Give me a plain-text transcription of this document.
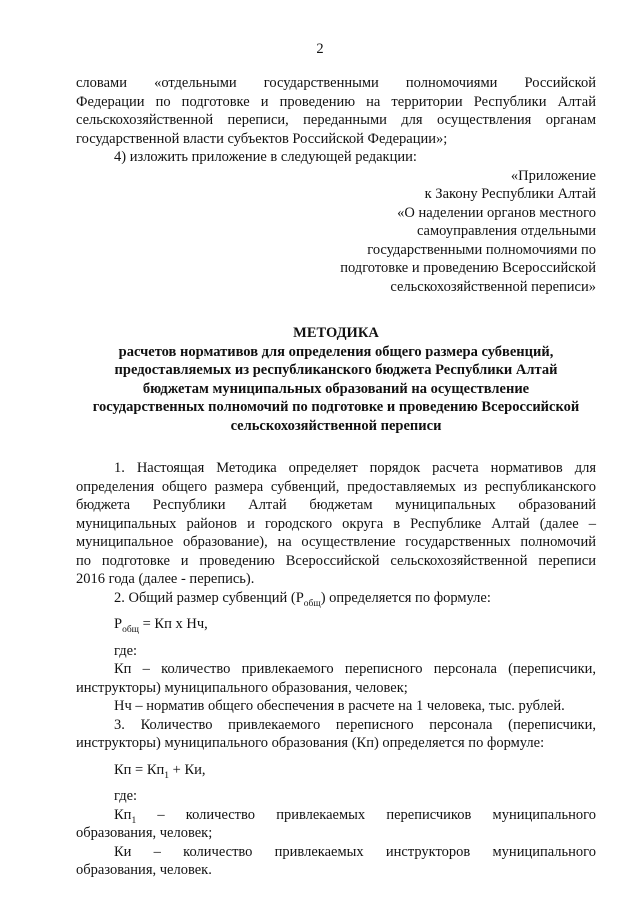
2

словами «отдельными государственными полномочиями Российской

Федерации по подготовке и проведению на территории Республики Алтай

сельскохозяйственной переписи, переданными для осуществления органам

государственной власти субъектов Российской Федерации»;

4) изложить приложение в следующей редакции:

«Приложение

к Закону Республики Алтай

«О наделении органов местного

самоуправления отдельными

государственными полномочиями по

подготовке и проведению Всероссийской

сельскохозяйственной переписи»

МЕТОДИКА

расчетов нормативов для определения общего размера субвенций,

предоставляемых из республиканского бюджета Республики Алтай

бюджетам муниципальных образований на осуществление

государственных полномочий по подготовке и проведению Всероссийской

сельскохозяйственной переписи

1. Настоящая Методика определяет порядок расчета нормативов для

определения общего размера субвенций, предоставляемых из республиканского

бюджета Республики Алтай бюджетам муниципальных образований

муниципальных районов и городского округа в Республике Алтай (далее –

муниципальное образование), на осуществление государственных полномочий

по подготовке и проведению Всероссийской сельскохозяйственной переписи

2016 года (далее - перепись).

2. Общий размер субвенций $(Р_{общ})$ определяется по формуле:

$Р_{общ}$ = Кп х Нч,

где:

Кп – количество привлекаемого переписного персонала (переписчики,

инструкторы) муниципального образования, человек;

Нч – норматив общего обеспечения в расчете на 1 человека, тыс. рублей.

3. Количество привлекаемого переписного персонала (переписчики,

инструкторы) муниципального образования (Кп) определяется по формуле:

Кп = $Кп_1$ + Ки,

где:

$Кп_1$ – количество привлекаемых переписчиков муниципального

образования, человек;

Ки – количество привлекаемых инструкторов муниципального

образования, человек.
